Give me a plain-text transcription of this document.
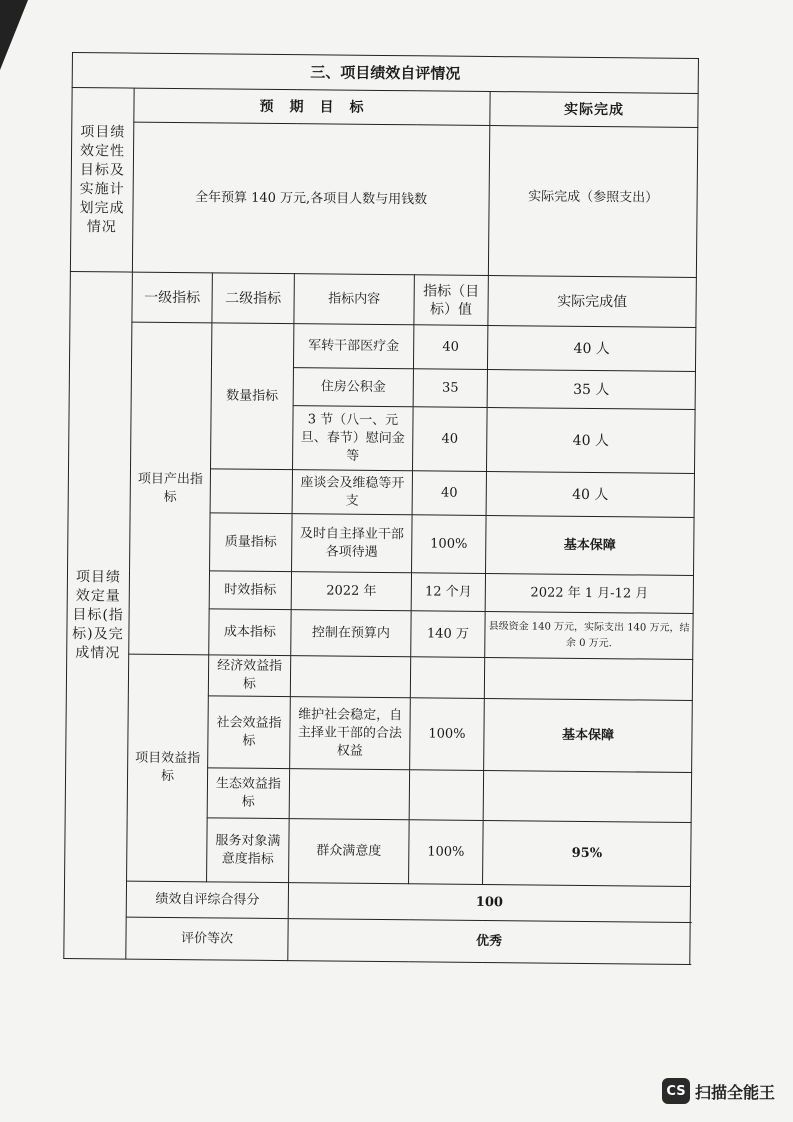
三、项目绩效自评情况					
项目绩效定性目标及实施计划完成情况	预　期　目　标				实际完成
	全年预算 140 万元,各项目人数与用钱数				实际完成（参照支出）
项目绩效定量目标(指标)及完成情况	一级指标	二级指标	指标内容	指标（目标）值	实际完成值
	项目产出指标	数量指标	军转干部医疗金	40	40 人
			住房公积金	35	35 人
			3 节（八一、元旦、春节）慰问金等	40	40 人
			座谈会及维稳等开支	40	40 人
		质量指标	及时自主择业干部各项待遇	100%	基本保障
		时效指标	2022 年	12 个月	2022 年 1 月-12 月
		成本指标	控制在预算内	140 万	县级资金 140 万元，实际支出 140 万元，结余 0 万元.
	项目效益指标	经济效益指标			
		社会效益指标	维护社会稳定，自主择业干部的合法权益	100%	基本保障
		生态效益指标			
		服务对象满意度指标	群众满意度	100%	95%
	绩效自评综合得分		100		
	评价等次		优秀		
CS 扫描全能王
